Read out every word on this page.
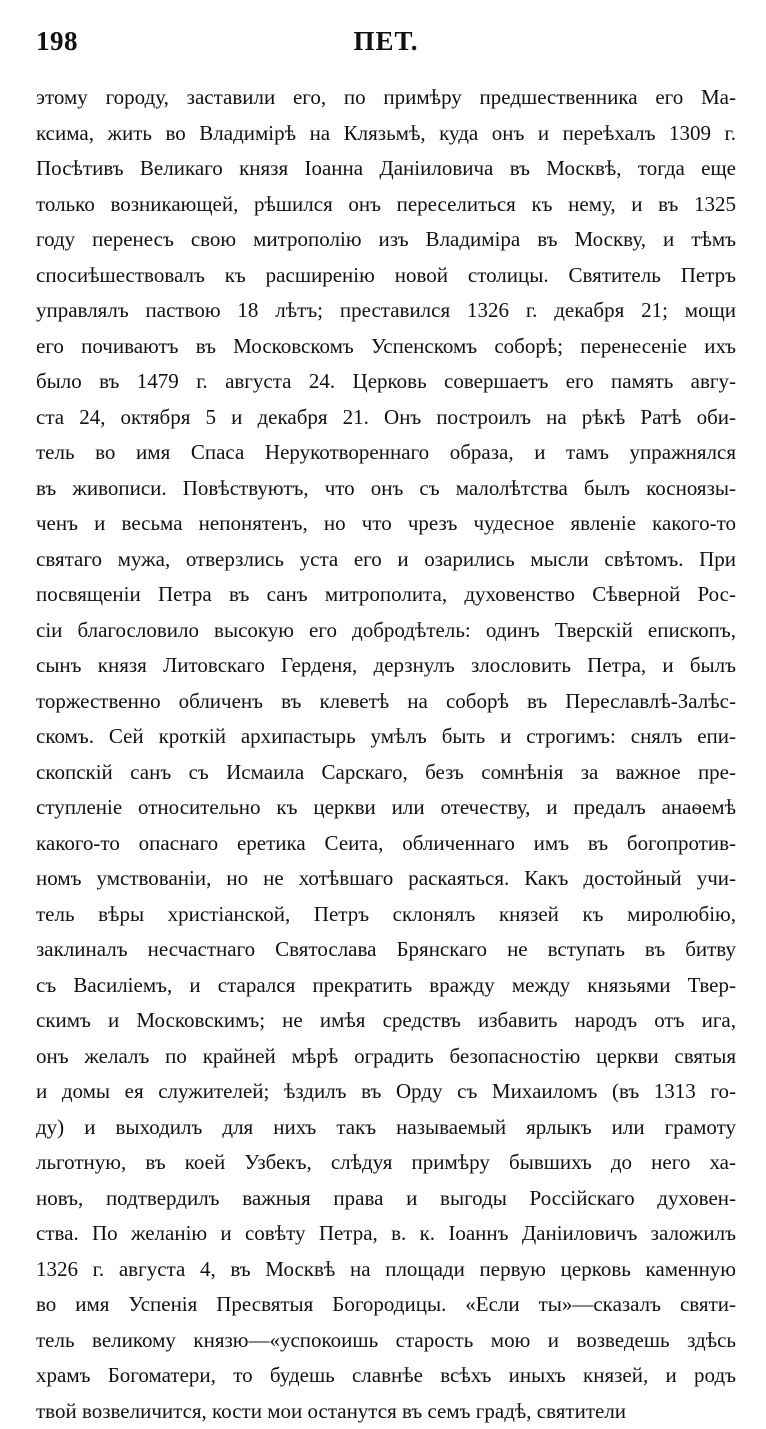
198	ПЕТ.
этому городу, заставили его, по примѣру предшественника его Ма-
ксима, жить во Владимірѣ на Клязьмѣ, куда онъ и переѣхалъ 1309 г.
Посѣтивъ Великаго князя Іоанна Даніиловича въ Москвѣ, тогда еще
только возникающей, рѣшился онъ переселиться къ нему, и въ 1325
году перенесъ свою митрополію изъ Владиміра въ Москву, и тѣмъ
спосиѣшествовалъ къ расширенію новой столицы. Святитель Петръ
управлялъ паствою 18 лѣтъ; преставился 1326 г. декабря 21; мощи
его почиваютъ въ Московскомъ Успенскомъ соборѣ; перенесеніе ихъ
было въ 1479 г. августа 24. Церковь совершаетъ его память авгу-
ста 24, октября 5 и декабря 21. Онъ построилъ на рѣкѣ Ратѣ оби-
тель во имя Спаса Нерукотвореннаго образа, и тамъ упражнялся
въ живописи. Повѣствуютъ, что онъ съ малолѣтства былъ косноязы-
ченъ и весьма непонятенъ, но что чрезъ чудесное явленіе какого-то
святаго мужа, отверзлись уста его и озарились мысли свѣтомъ. При
посвященіи Петра въ санъ митрополита, духовенство Сѣверной Рос-
сіи благословило высокую его добродѣтель: одинъ Тверскій епископъ,
сынъ князя Литовскаго Герденя, дерзнулъ злословить Петра, и былъ
торжественно обличенъ въ клеветѣ на соборѣ въ Переславлѣ-Залѣс-
скомъ. Сей кроткій архипастырь умѣлъ быть и строгимъ: снялъ епи-
скопскій санъ съ Исмаила Сарскаго, безъ сомнѣнія за важное пре-
ступленіе относительно къ церкви или отечеству, и предалъ анаѳемѣ
какого-то опаснаго еретика Сеита, обличеннаго имъ въ богопротив-
номъ умствованіи, но не хотѣвшаго раскаяться. Какъ достойный учи-
тель вѣры христіанской, Петръ склонялъ князей къ миролюбію,
заклиналъ несчастнаго Святослава Брянскаго не вступать въ битву
съ Василіемъ, и старался прекратить вражду между князьями Твер-
скимъ и Московскимъ; не имѣя средствъ избавить народъ отъ ига,
онъ желалъ по крайней мѣрѣ оградить безопасностію церкви святыя
и домы ея служителей; ѣздилъ въ Орду съ Михаиломъ (въ 1313 го-
ду) и выходилъ для нихъ такъ называемый ярлыкъ или грамоту
льготную, въ коей Узбекъ, слѣдуя примѣру бывшихъ до него ха-
новъ, подтвердилъ важныя права и выгоды Россійскаго духовен-
ства. По желанію и совѣту Петра, в. к. Іоаннъ Даніиловичъ заложилъ
1326 г. августа 4, въ Москвѣ на площади первую церковь каменную
во имя Успенія Пресвятыя Богородицы. «Если ты»—сказалъ святи-
тель великому князю—«успокоишь старость мою и возведешь здѣсь
храмъ Богоматери, то будешь славнѣе всѣхъ иныхъ князей, и родъ
твой возвеличится, кости мои останутся въ семъ градѣ, святители
